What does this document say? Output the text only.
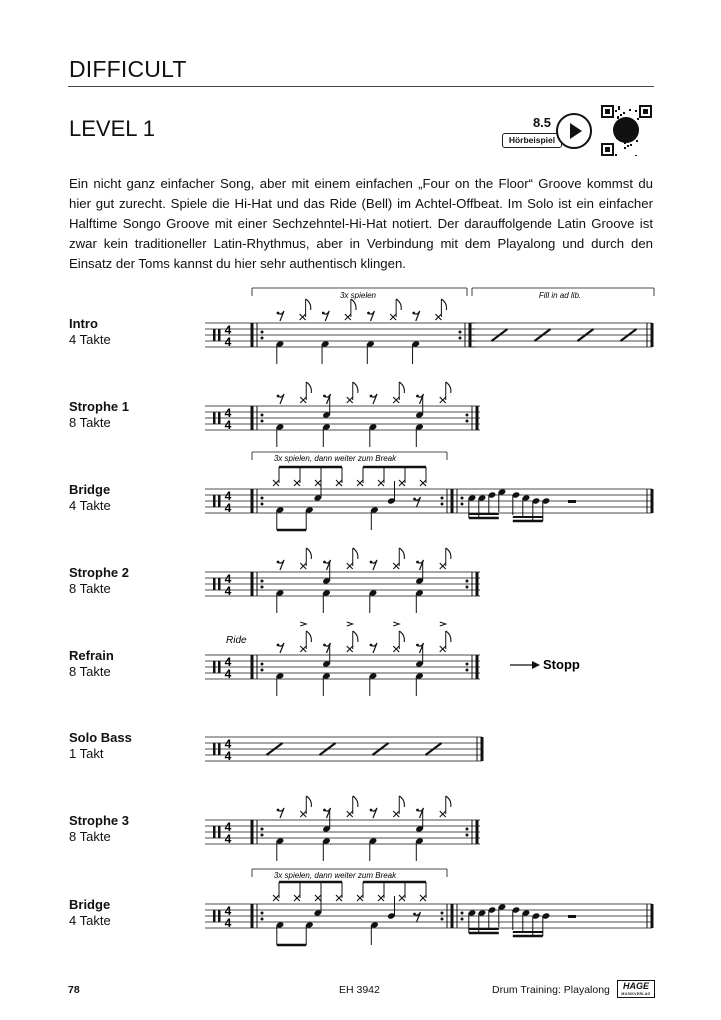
DIFFICULT
LEVEL 1	8.5
Hörbeispiel
Ein nicht ganz einfacher Song, aber mit einem einfachen „Four on the Floor“ Groove kommst du hier gut zurecht. Spiele die Hi-Hat und das Ride (Bell) im Achtel-Offbeat. Im Solo ist ein einfacher Halftime Songo Groove mit einer Sechzehntel-Hi-Hat notiert. Der darauffolgende Latin Groove ist zwar kein traditioneller Latin-Rhythmus, aber in Verbindung mit dem Playalong und durch den Einsatz der Toms kannst du hier sehr authentisch klingen.
Intro
4 Takte
Strophe 1
8 Takte
Bridge
4 Takte
Strophe 2
8 Takte
Refrain
8 Takte
Solo Bass
1 Takt
Strophe 3
8 Takte
Bridge
4 Takte
4
4
4
4
4
4
4
4
4
4
4
4
4
4
4
4
3x spielen	Fill in ad lib.
3x spielen, dann weiter zum Break
3x spielen, dann weiter zum Break
Ride
Stopp
78	EH 3942	Drum Training: Playalong	HAGE
MUSIKVERLAG
